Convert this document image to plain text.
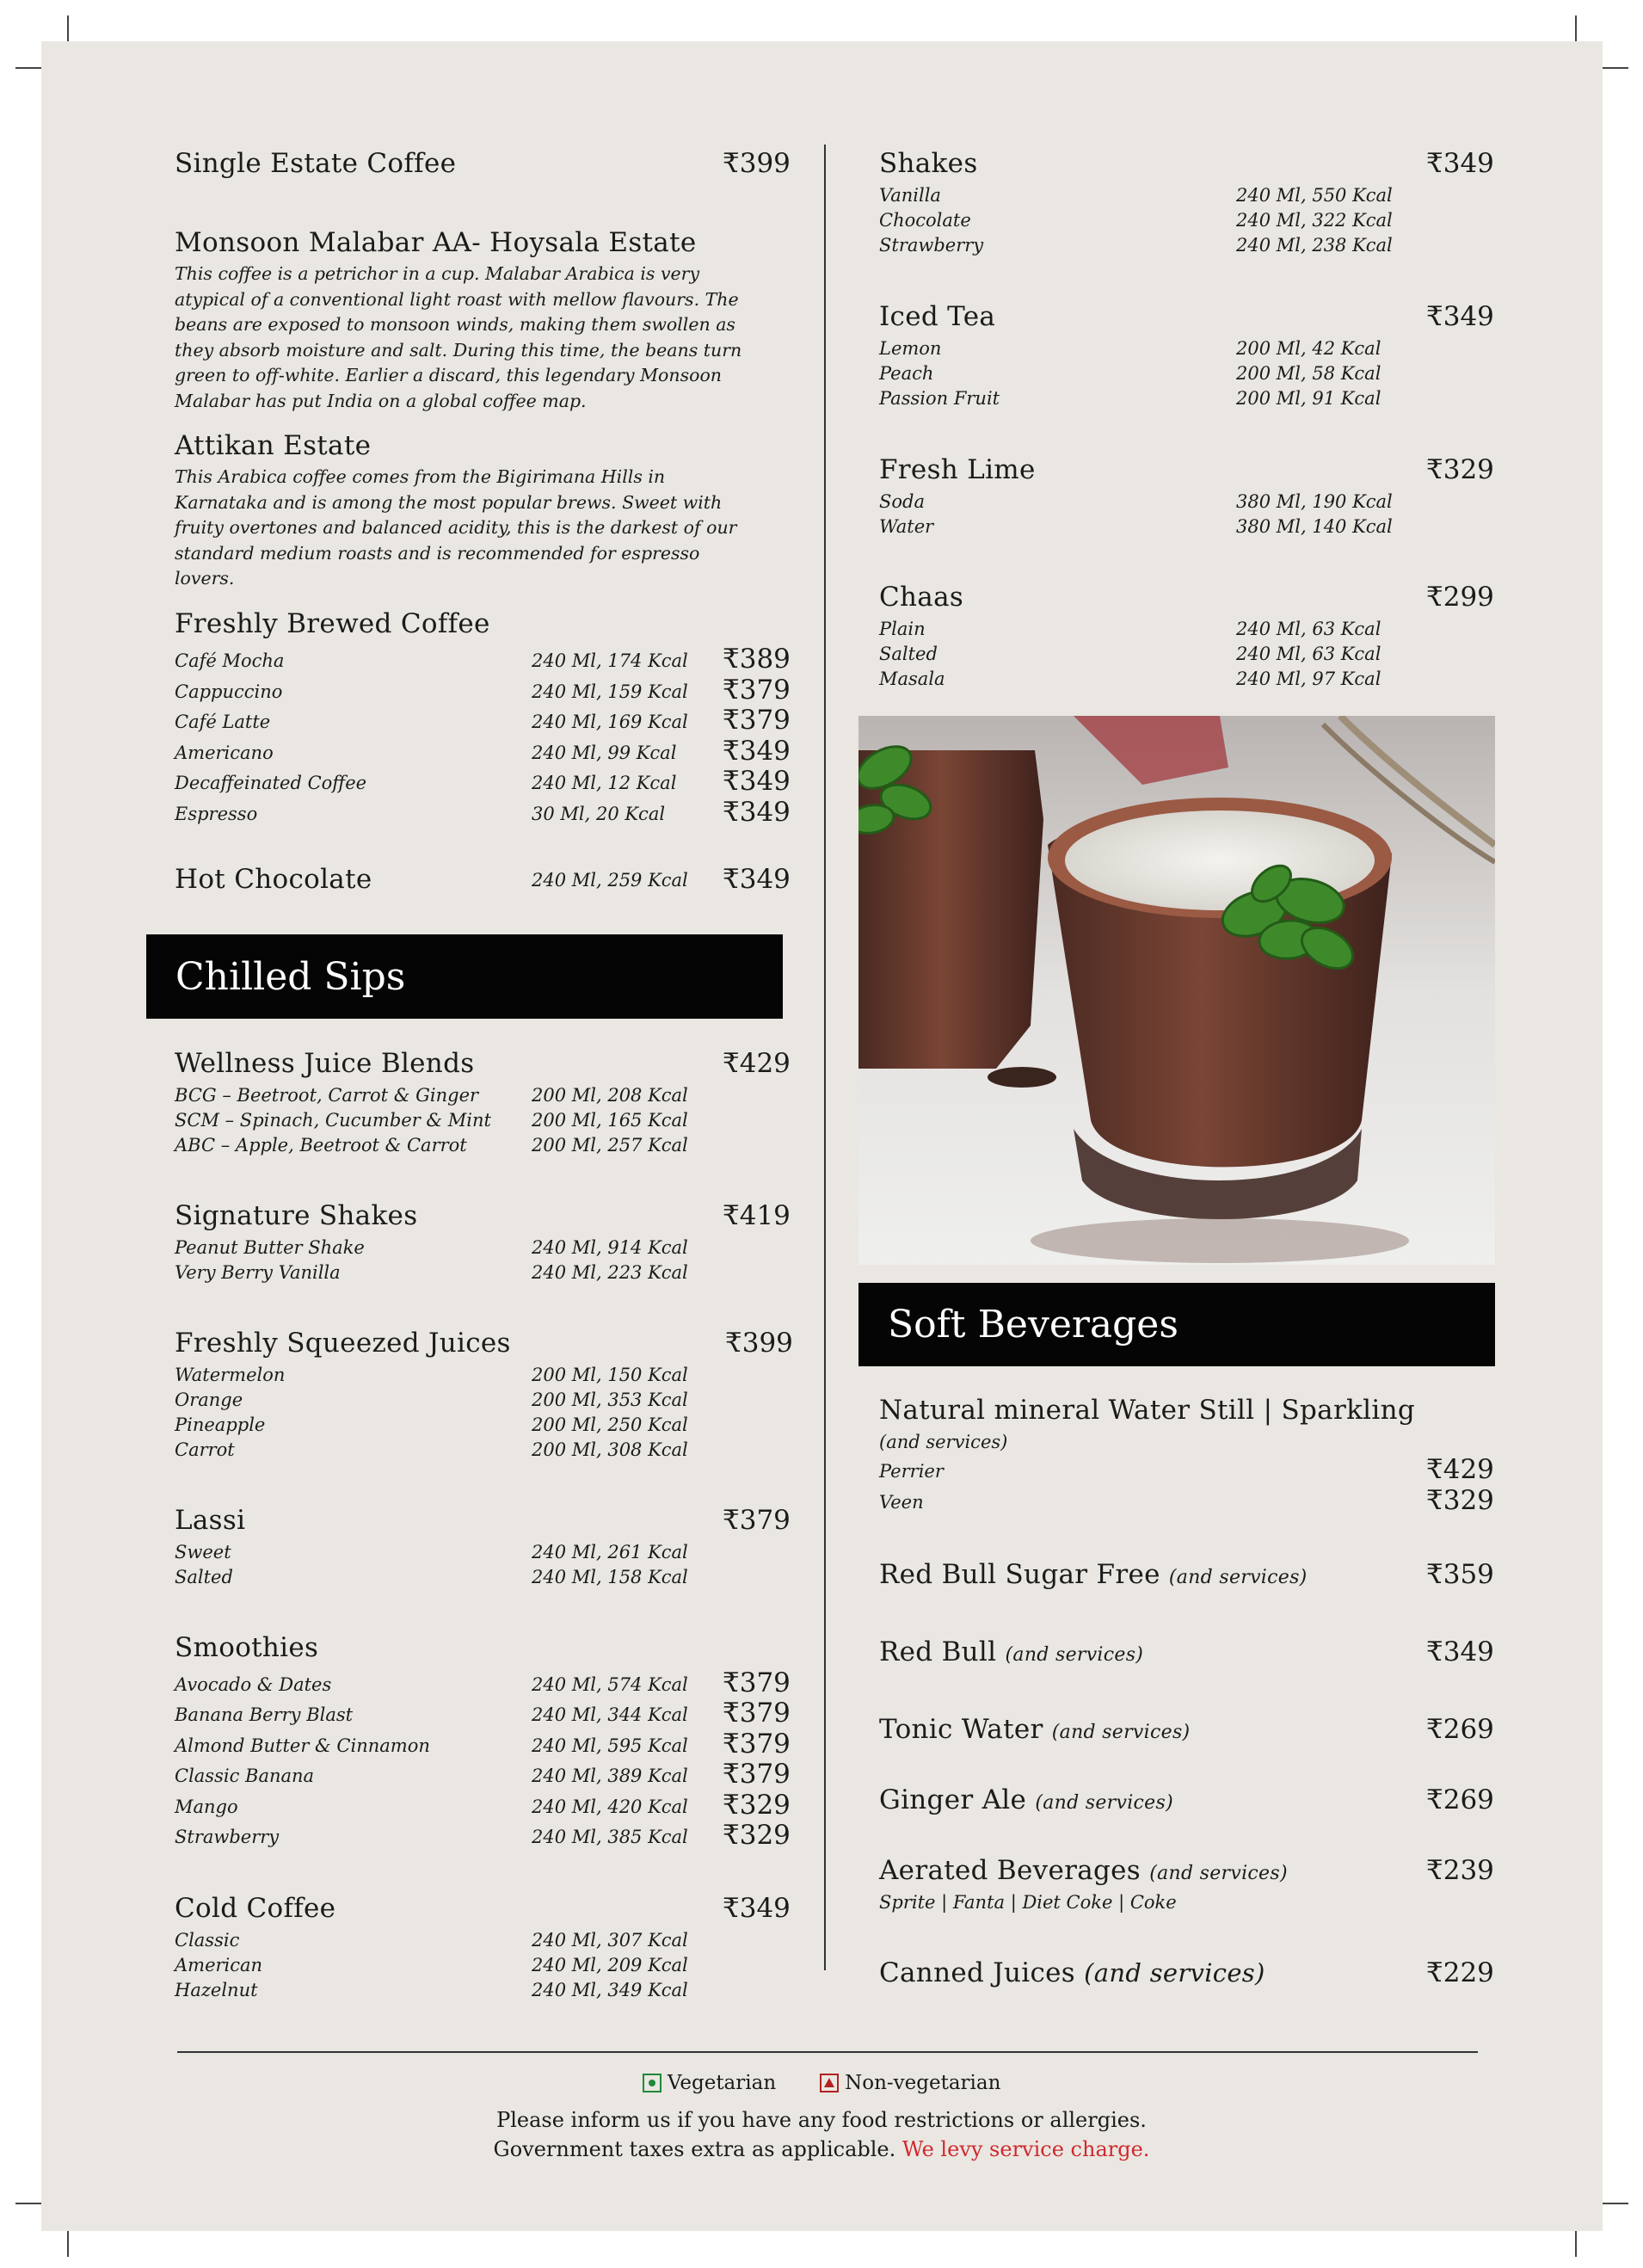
Single Estate Coffee	₹399
Monsoon Malabar AA- Hoysala Estate
This coffee is a petrichor in a cup. Malabar Arabica is very atypical of a conventional light roast with mellow flavours. The beans are exposed to monsoon winds, making them swollen as they absorb moisture and salt. During this time, the beans turn green to off-white. Earlier a discard, this legendary Monsoon Malabar has put India on a global coffee map.
Attikan Estate
This Arabica coffee comes from the Bigirimana Hills in Karnataka and is among the most popular brews. Sweet with fruity overtones and balanced acidity, this is the darkest of our standard medium roasts and is recommended for espresso lovers.
Freshly Brewed Coffee
Café Mocha	240 Ml, 174 Kcal ₹389
Cappuccino	240 Ml, 159 Kcal ₹379
Café Latte	240 Ml, 169 Kcal ₹379
Americano	240 Ml, 99 Kcal ₹349
Decaffeinated Coffee	240 Ml, 12 Kcal ₹349
Espresso	30 Ml, 20 Kcal ₹349
Hot Chocolate	240 Ml, 259 Kcal ₹349
Chilled Sips
Wellness Juice Blends	₹429
BCG – Beetroot, Carrot & Ginger	200 Ml, 208 Kcal
SCM – Spinach, Cucumber & Mint 200 Ml, 165 Kcal
ABC – Apple, Beetroot & Carrot	200 Ml, 257 Kcal
Signature Shakes	₹419
Peanut Butter Shake	240 Ml, 914 Kcal
Very Berry Vanilla	240 Ml, 223 Kcal
Freshly Squeezed Juices	₹399
Watermelon	200 Ml, 150 Kcal
Orange	200 Ml, 353 Kcal
Pineapple	200 Ml, 250 Kcal
Carrot	200 Ml, 308 Kcal
Lassi	₹379
Sweet	240 Ml, 261 Kcal
Salted	240 Ml, 158 Kcal
Smoothies
Avocado & Dates	240 Ml, 574 Kcal ₹379
Banana Berry Blast	240 Ml, 344 Kcal ₹379
Almond Butter & Cinnamon	240 Ml, 595 Kcal ₹379
Classic Banana	240 Ml, 389 Kcal ₹379
Mango	240 Ml, 420 Kcal ₹329
Strawberry	240 Ml, 385 Kcal ₹329
Cold Coffee	₹349
Classic	240 Ml, 307 Kcal
American	240 Ml, 209 Kcal
Hazelnut	240 Ml, 349 Kcal
Shakes	₹349
Vanilla	240 Ml, 550 Kcal
Chocolate	240 Ml, 322 Kcal
Strawberry	240 Ml, 238 Kcal
Iced Tea	₹349
Lemon	200 Ml, 42 Kcal
Peach	200 Ml, 58 Kcal
Passion Fruit	200 Ml, 91 Kcal
Fresh Lime	₹329
Soda	380 Ml, 190 Kcal
Water	380 Ml, 140 Kcal
Chaas	₹299
Plain	240 Ml, 63 Kcal
Salted	240 Ml, 63 Kcal
Masala	240 Ml, 97 Kcal
Soft Beverages
Natural mineral Water Still | Sparkling
(and services)
Perrier	₹429
Veen	₹329
Red Bull Sugar Free (and services)	₹359
Red Bull (and services)	₹349
Tonic Water (and services)	₹269
Ginger Ale (and services)	₹269
Aerated Beverages (and services)	₹239
Sprite | Fanta | Diet Coke | Coke
Canned Juices (and services)	₹229
Vegetarian	Non-vegetarian
Please inform us if you have any food restrictions or allergies.
Government taxes extra as applicable. We levy service charge.
